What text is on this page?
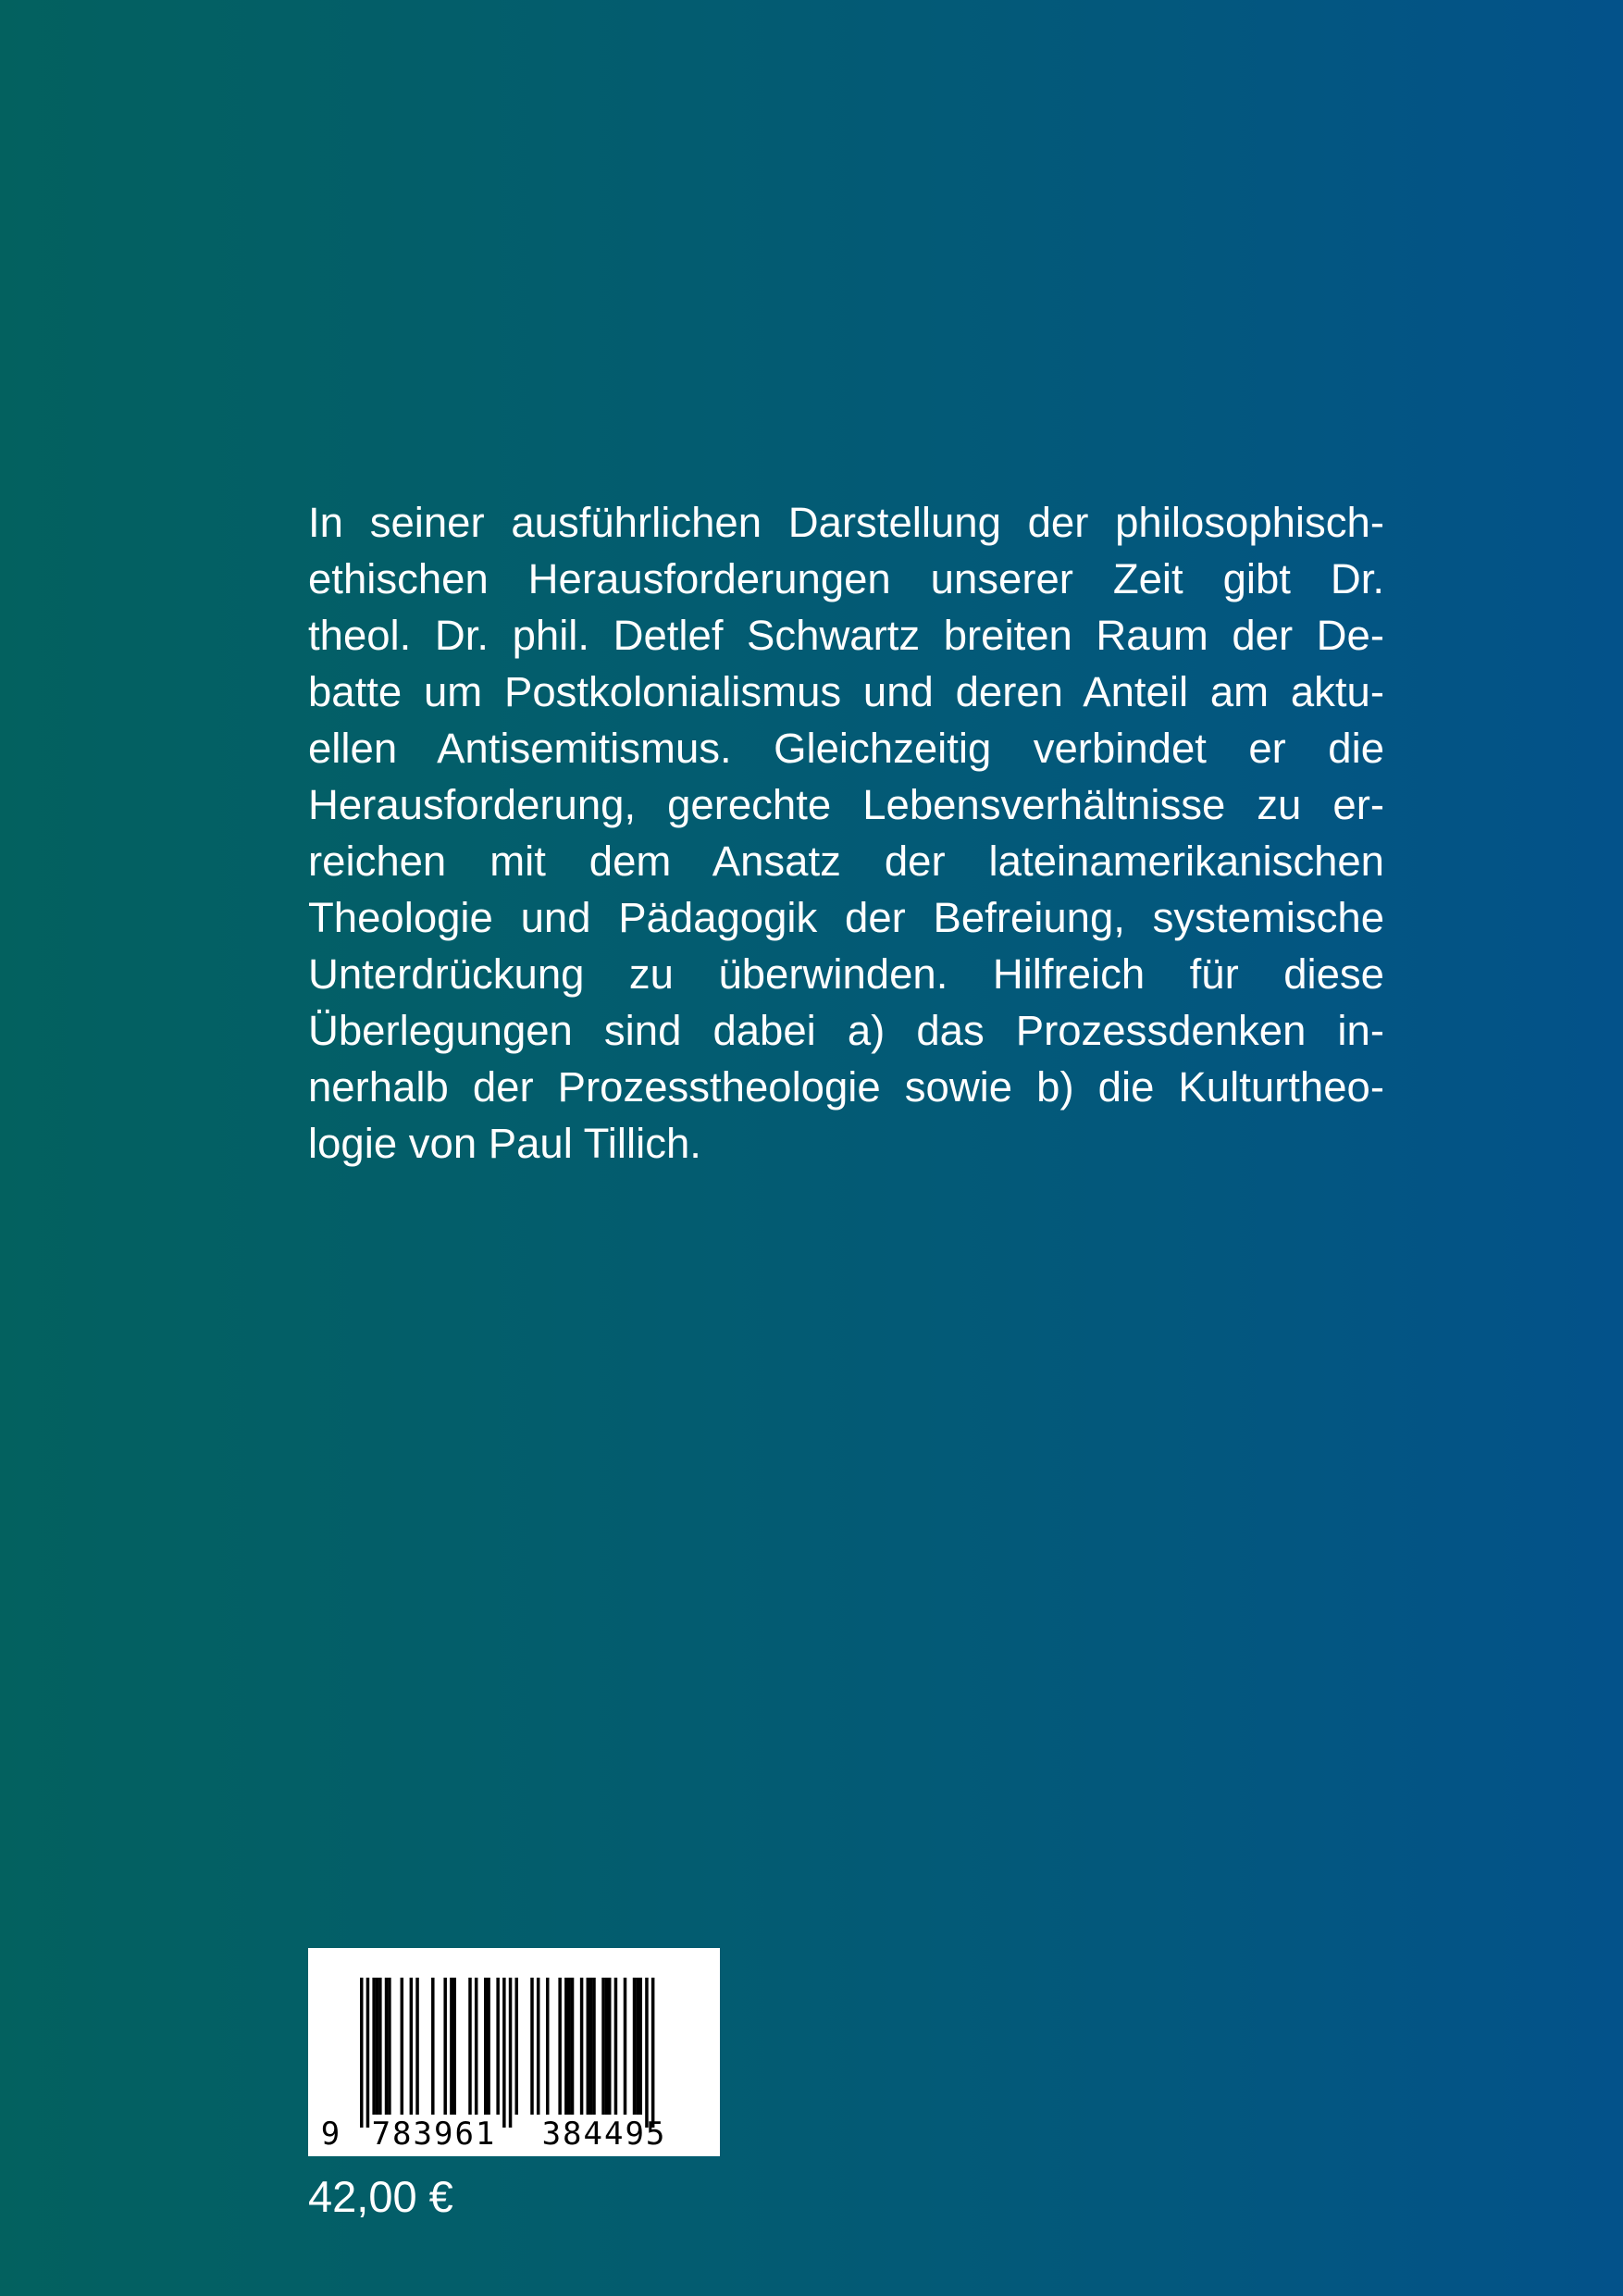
In seiner ausführlichen Darstellung der philosophisch-
ethischen Herausforderungen unserer Zeit gibt Dr.
theol. Dr. phil. Detlef Schwartz breiten Raum der De-
batte um Postkolonialismus und deren Anteil am aktu-
ellen Antisemitismus. Gleichzeitig verbindet er die
Herausforderung, gerechte Lebensverhältnisse zu er-
reichen mit dem Ansatz der lateinamerikanischen
Theologie und Pädagogik der Befreiung, systemische
Unterdrückung zu überwinden. Hilfreich für diese
Überlegungen sind dabei a) das Prozessdenken in-
nerhalb der Prozesstheologie sowie b) die Kulturtheo-
logie von Paul Tillich.

9 783961 384495

42,00 €
